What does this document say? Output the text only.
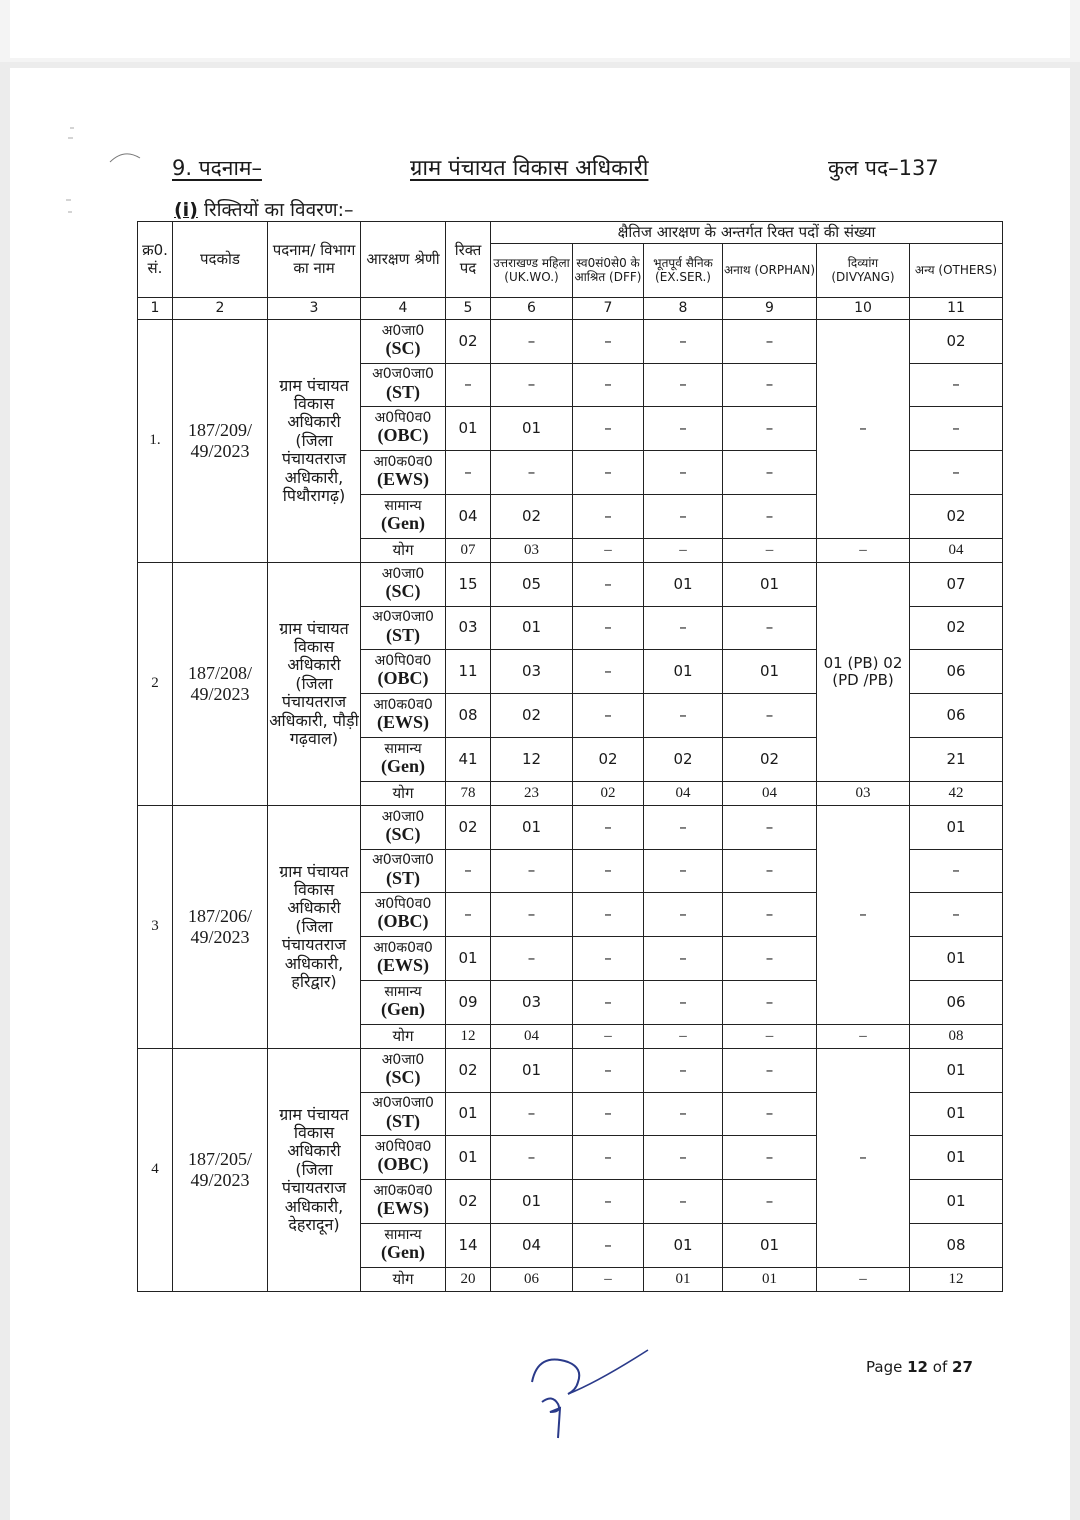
9. पदनाम–	ग्राम पंचायत विकास अधिकारी	कुल पद–137
(i) रिक्तियों का विवरण:–
क्र0. सं.	पदकोड	पदनाम/ विभाग का नाम	आरक्षण श्रेणी	रिक्त पद	क्षैतिज आरक्षण के अन्तर्गत रिक्त पदों की संख्या					
					उत्तराखण्ड महिला (UK.WO.)	स्व0सं0से0 के आश्रित (DFF)	भूतपूर्व सैनिक (EX.SER.)	अनाथ (ORPHAN)	दिव्यांग (DIVYANG)	अन्य (OTHERS)
1	2	3	4	5	6	7	8	9	10	11
1.	187/209/ 49/2023	ग्राम पंचायत विकास अधिकारी (जिला पंचायतराज अधिकारी, पिथौरागढ़)	अ0जा0
(SC)	02	–	–	–	–	–	02

			अ0ज0जा0
(ST)	–	–	–	–	–		–

			अ0पि0व0
(OBC)	01	01	–	–	–		–

			आ0क0व0
(EWS)	–	–	–	–	–		–

			सामान्य
(Gen)	04	02	–	–	–		02
			योग	07	03	–	–	–	–	04
2	187/208/ 49/2023	ग्राम पंचायत विकास अधिकारी (जिला पंचायतराज अधिकारी, पौड़ी गढ़वाल)	अ0जा0
(SC)	15	05	–	01	01	01 (PB) 02 (PD /PB)	07

			अ0ज0जा0
(ST)	03	01	–	–	–		02

			अ0पि0व0
(OBC)	11	03	–	01	01		06

			आ0क0व0
(EWS)	08	02	–	–	–		06

			सामान्य
(Gen)	41	12	02	02	02		21
			योग	78	23	02	04	04	03	42
3	187/206/ 49/2023	ग्राम पंचायत विकास अधिकारी (जिला पंचायतराज अधिकारी, हरिद्वार)	अ0जा0
(SC)	02	01	–	–	–	–	01

			अ0ज0जा0
(ST)	–	–	–	–	–		–

			अ0पि0व0
(OBC)	–	–	–	–	–		–

			आ0क0व0
(EWS)	01	–	–	–	–		01

			सामान्य
(Gen)	09	03	–	–	–		06
			योग	12	04	–	–	–	–	08
4	187/205/ 49/2023	ग्राम पंचायत विकास अधिकारी (जिला पंचायतराज अधिकारी, देहरादून)	अ0जा0
(SC)	02	01	–	–	–	–	01

			अ0ज0जा0
(ST)	01	–	–	–	–		01

			अ0पि0व0
(OBC)	01	–	–	–	–		01

			आ0क0व0
(EWS)	02	01	–	–	–		01

			सामान्य
(Gen)	14	04	–	01	01		08
			योग	20	06	–	01	01	–	12
Page 12 of 27
